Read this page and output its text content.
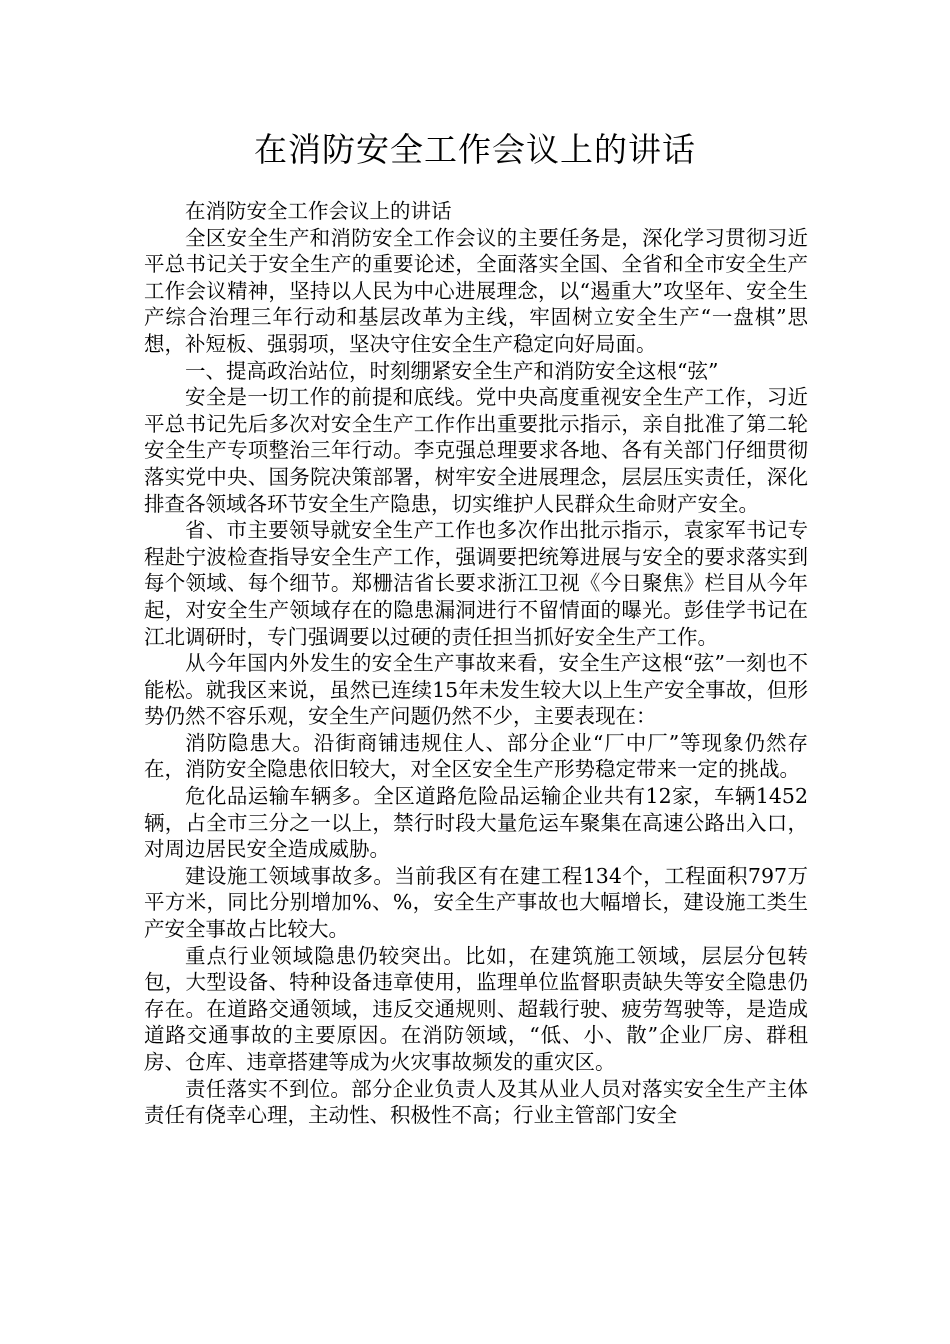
在消防安全工作会议上的讲话

在消防安全工作会议上的讲话

全区安全生产和消防安全工作会议的主要任务是，深化学习贯彻习近平总书记关于安全生产的重要论述，全面落实全国、全省和全市安全生产工作会议精神，坚持以人民为中心进展理念，以“遏重大”攻坚年、安全生产综合治理三年行动和基层改革为主线，牢固树立安全生产“一盘棋”思想，补短板、强弱项，坚决守住安全生产稳定向好局面。

一、提高政治站位，时刻绷紧安全生产和消防安全这根“弦”

安全是一切工作的前提和底线。党中央高度重视安全生产工作，习近平总书记先后多次对安全生产工作作出重要批示指示，亲自批准了第二轮安全生产专项整治三年行动。李克强总理要求各地、各有关部门仔细贯彻落实党中央、国务院决策部署，树牢安全进展理念，层层压实责任，深化排查各领域各环节安全生产隐患，切实维护人民群众生命财产安全。

省、市主要领导就安全生产工作也多次作出批示指示，袁家军书记专程赴宁波检查指导安全生产工作，强调要把统筹进展与安全的要求落实到每个领域、每个细节。郑栅洁省长要求浙江卫视《今日聚焦》栏目从今年起，对安全生产领域存在的隐患漏洞进行不留情面的曝光。彭佳学书记在江北调研时，专门强调要以过硬的责任担当抓好安全生产工作。

从今年国内外发生的安全生产事故来看，安全生产这根“弦”一刻也不能松。就我区来说，虽然已连续15年未发生较大以上生产安全事故，但形势仍然不容乐观，安全生产问题仍然不少，主要表现在：

消防隐患大。沿街商铺违规住人、部分企业“厂中厂”等现象仍然存在，消防安全隐患依旧较大，对全区安全生产形势稳定带来一定的挑战。

危化品运输车辆多。全区道路危险品运输企业共有12家，车辆1452辆，占全市三分之一以上，禁行时段大量危运车聚集在高速公路出入口，对周边居民安全造成威胁。

建设施工领域事故多。当前我区有在建工程134个，工程面积797万平方米，同比分别增加%、%，安全生产事故也大幅增长，建设施工类生产安全事故占比较大。

重点行业领域隐患仍较突出。比如，在建筑施工领域，层层分包转包，大型设备、特种设备违章使用，监理单位监督职责缺失等安全隐患仍存在。在道路交通领域，违反交通规则、超载行驶、疲劳驾驶等，是造成道路交通事故的主要原因。在消防领域，“低、小、散”企业厂房、群租房、仓库、违章搭建等成为火灾事故频发的重灾区。

责任落实不到位。部分企业负责人及其从业人员对落实安全生产主体责任有侥幸心理，主动性、积极性不高；行业主管部门安全
